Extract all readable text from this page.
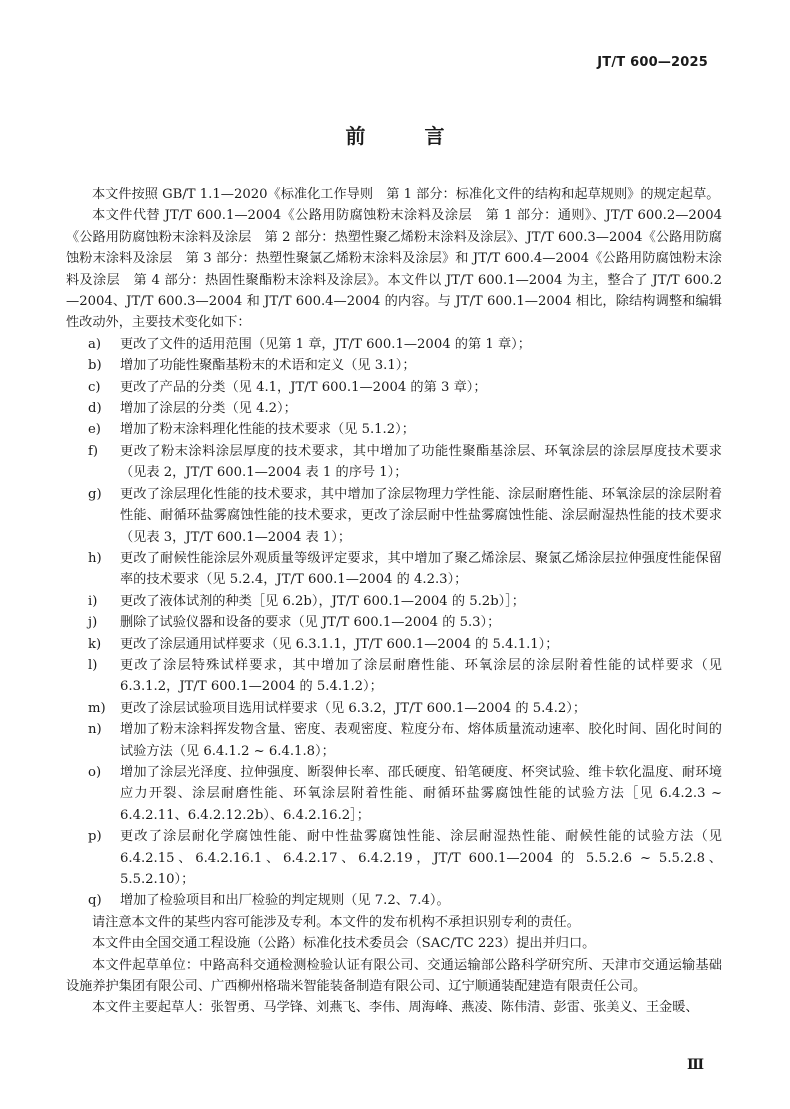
JT/T 600—2025
前 言

本文件按照 GB/T 1.1—2020《标准化工作导则　第 1 部分：标准化文件的结构和起草规则》的规定起草。

本文件代替 JT/T 600.1—2004《公路用防腐蚀粉末涂料及涂层　第 1 部分：通则》、JT/T 600.2—2004《公路用防腐蚀粉末涂料及涂层　第 2 部分：热塑性聚乙烯粉末涂料及涂层》、JT/T 600.3—2004《公路用防腐蚀粉末涂料及涂层　第 3 部分：热塑性聚氯乙烯粉末涂料及涂层》和 JT/T 600.4—2004《公路用防腐蚀粉末涂料及涂层　第 4 部分：热固性聚酯粉末涂料及涂层》。本文件以 JT/T 600.1—2004 为主，整合了 JT/T 600.2—2004、JT/T 600.3—2004 和 JT/T 600.4—2004 的内容。与 JT/T 600.1—2004 相比，除结构调整和编辑性改动外，主要技术变化如下：

a) 更改了文件的适用范围（见第 1 章，JT/T 600.1—2004 的第 1 章）；
b) 增加了功能性聚酯基粉末的术语和定义（见 3.1）；
c) 更改了产品的分类（见 4.1，JT/T 600.1—2004 的第 3 章）；
d) 增加了涂层的分类（见 4.2）；
e) 增加了粉末涂料理化性能的技术要求（见 5.1.2）；
f) 更改了粉末涂料涂层厚度的技术要求，其中增加了功能性聚酯基涂层、环氧涂层的涂层厚度技术要求（见表 2，JT/T 600.1—2004 表 1 的序号 1）；
g) 更改了涂层理化性能的技术要求，其中增加了涂层物理力学性能、涂层耐磨性能、环氧涂层的涂层附着性能、耐循环盐雾腐蚀性能的技术要求，更改了涂层耐中性盐雾腐蚀性能、涂层耐湿热性能的技术要求（见表 3，JT/T 600.1—2004 表 1）；
h) 更改了耐候性能涂层外观质量等级评定要求，其中增加了聚乙烯涂层、聚氯乙烯涂层拉伸强度性能保留率的技术要求（见 5.2.4，JT/T 600.1—2004 的 4.2.3）；
i) 更改了液体试剂的种类［见 6.2b），JT/T 600.1—2004 的 5.2b）］；
j) 删除了试验仪器和设备的要求（见 JT/T 600.1—2004 的 5.3）；
k) 更改了涂层通用试样要求（见 6.3.1.1，JT/T 600.1—2004 的 5.4.1.1）；
l) 更改了涂层特殊试样要求，其中增加了涂层耐磨性能、环氧涂层的涂层附着性能的试样要求（见 6.3.1.2，JT/T 600.1—2004 的 5.4.1.2）；
m) 更改了涂层试验项目选用试样要求（见 6.3.2，JT/T 600.1—2004 的 5.4.2）；
n) 增加了粉末涂料挥发物含量、密度、表观密度、粒度分布、熔体质量流动速率、胶化时间、固化时间的试验方法（见 6.4.1.2 ~ 6.4.1.8）；
o) 增加了涂层光泽度、拉伸强度、断裂伸长率、邵氏硬度、铅笔硬度、杯突试验、维卡软化温度、耐环境应力开裂、涂层耐磨性能、环氧涂层附着性能、耐循环盐雾腐蚀性能的试验方法［见 6.4.2.3 ~ 6.4.2.11、6.4.2.12.2b）、6.4.2.16.2］；
p) 更改了涂层耐化学腐蚀性能、耐中性盐雾腐蚀性能、涂层耐湿热性能、耐候性能的试验方法（见 6.4.2.15、6.4.2.16.1、6.4.2.17、6.4.2.19，JT/T 600.1—2004 的 5.5.2.6 ~ 5.5.2.8、5.5.2.10）；
q) 增加了检验项目和出厂检验的判定规则（见 7.2、7.4）。

请注意本文件的某些内容可能涉及专利。本文件的发布机构不承担识别专利的责任。

本文件由全国交通工程设施（公路）标准化技术委员会（SAC/TC 223）提出并归口。

本文件起草单位：中路高科交通检测检验认证有限公司、交通运输部公路科学研究所、天津市交通运输基础设施养护集团有限公司、广西柳州格瑞米智能装备制造有限公司、辽宁顺通装配建造有限责任公司。

本文件主要起草人：张智勇、马学锋、刘燕飞、李伟、周海峰、燕凌、陈伟清、彭雷、张美义、王金暖、

Ⅲ
